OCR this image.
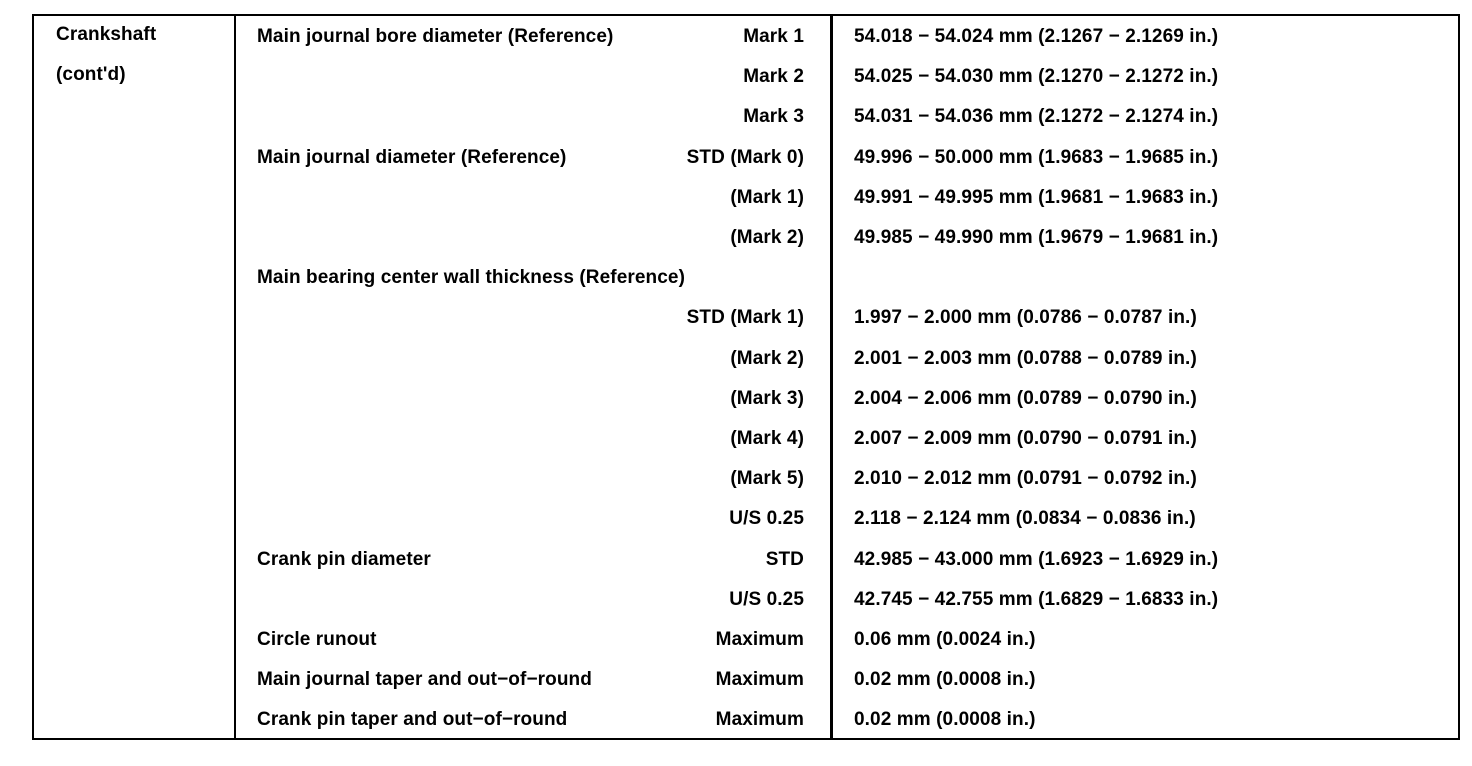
Crankshaft
(cont'd)
Main journal bore diameter (Reference)	Mark 1	54.018 − 54.024 mm (2.1267 − 2.1269 in.)
Mark 2	54.025 − 54.030 mm (2.1270 − 2.1272 in.)
Mark 3	54.031 − 54.036 mm (2.1272 − 2.1274 in.)
Main journal diameter (Reference)	STD (Mark 0)	49.996 − 50.000 mm (1.9683 − 1.9685 in.)
(Mark 1)	49.991 − 49.995 mm (1.9681 − 1.9683 in.)
(Mark 2)	49.985 − 49.990 mm (1.9679 − 1.9681 in.)
Main bearing center wall thickness (Reference)
STD (Mark 1)	1.997 − 2.000 mm (0.0786 − 0.0787 in.)
(Mark 2)	2.001 − 2.003 mm (0.0788 − 0.0789 in.)
(Mark 3)	2.004 − 2.006 mm (0.0789 − 0.0790 in.)
(Mark 4)	2.007 − 2.009 mm (0.0790 − 0.0791 in.)
(Mark 5)	2.010 − 2.012 mm (0.0791 − 0.0792 in.)
U/S 0.25	2.118 − 2.124 mm (0.0834 − 0.0836 in.)
Crank pin diameter	STD	42.985 − 43.000 mm (1.6923 − 1.6929 in.)
U/S 0.25	42.745 − 42.755 mm (1.6829 − 1.6833 in.)
Circle runout	Maximum	0.06 mm (0.0024 in.)
Main journal taper and out−of−round	Maximum	0.02 mm (0.0008 in.)
Crank pin taper and out−of−round	Maximum	0.02 mm (0.0008 in.)
